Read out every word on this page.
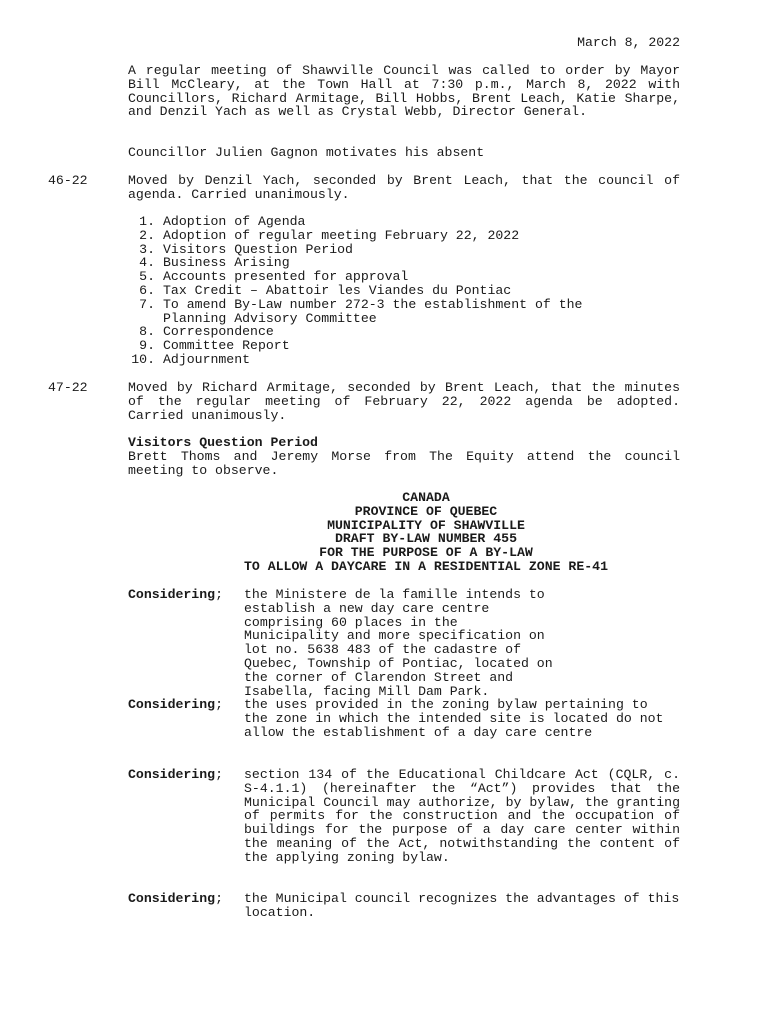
March 8, 2022
A regular meeting of Shawville Council was called to order by Mayor Bill McCleary, at the Town Hall at 7:30 p.m., March 8, 2022 with Councillors, Richard Armitage, Bill Hobbs, Brent Leach, Katie Sharpe, and Denzil Yach as well as Crystal Webb, Director General.
Councillor Julien Gagnon motivates his absent
46-22	Moved by Denzil Yach, seconded by Brent Leach, that the council of agenda. Carried unanimously.
1. Adoption of Agenda
2. Adoption of regular meeting February 22, 2022
3. Visitors Question Period
4. Business Arising
5. Accounts presented for approval
6. Tax Credit – Abattoir les Viandes du Pontiac
7. To amend By-Law number 272-3 the establishment of the Planning Advisory Committee
8. Correspondence
9. Committee Report
10. Adjournment
47-22	Moved by Richard Armitage, seconded by Brent Leach, that the minutes of the regular meeting of February 22, 2022 agenda be adopted. Carried unanimously.
Visitors Question Period
Brett Thoms and Jeremy Morse from The Equity attend the council meeting to observe.
CANADA
PROVINCE OF QUEBEC
MUNICIPALITY OF SHAWVILLE
DRAFT BY-LAW NUMBER 455
FOR THE PURPOSE OF A BY-LAW
TO ALLOW A DAYCARE IN A RESIDENTIAL ZONE RE-41
Considering;	the Ministere de la famille intends to establish a new day care centre comprising 60 places in the Municipality and more specification on lot no. 5638 483 of the cadastre of Quebec, Township of Pontiac, located on the corner of Clarendon Street and Isabella, facing Mill Dam Park.
Considering;	the uses provided in the zoning bylaw pertaining to the zone in which the intended site is located do not allow the establishment of a day care centre
Considering;	section 134 of the Educational Childcare Act (CQLR, c. S-4.1.1) (hereinafter the “Act”) provides that the Municipal Council may authorize, by bylaw, the granting of permits for the construction and the occupation of buildings for the purpose of a day care center within the meaning of the Act, notwithstanding the content of the applying zoning bylaw.
Considering;	the Municipal council recognizes the advantages of this location.
